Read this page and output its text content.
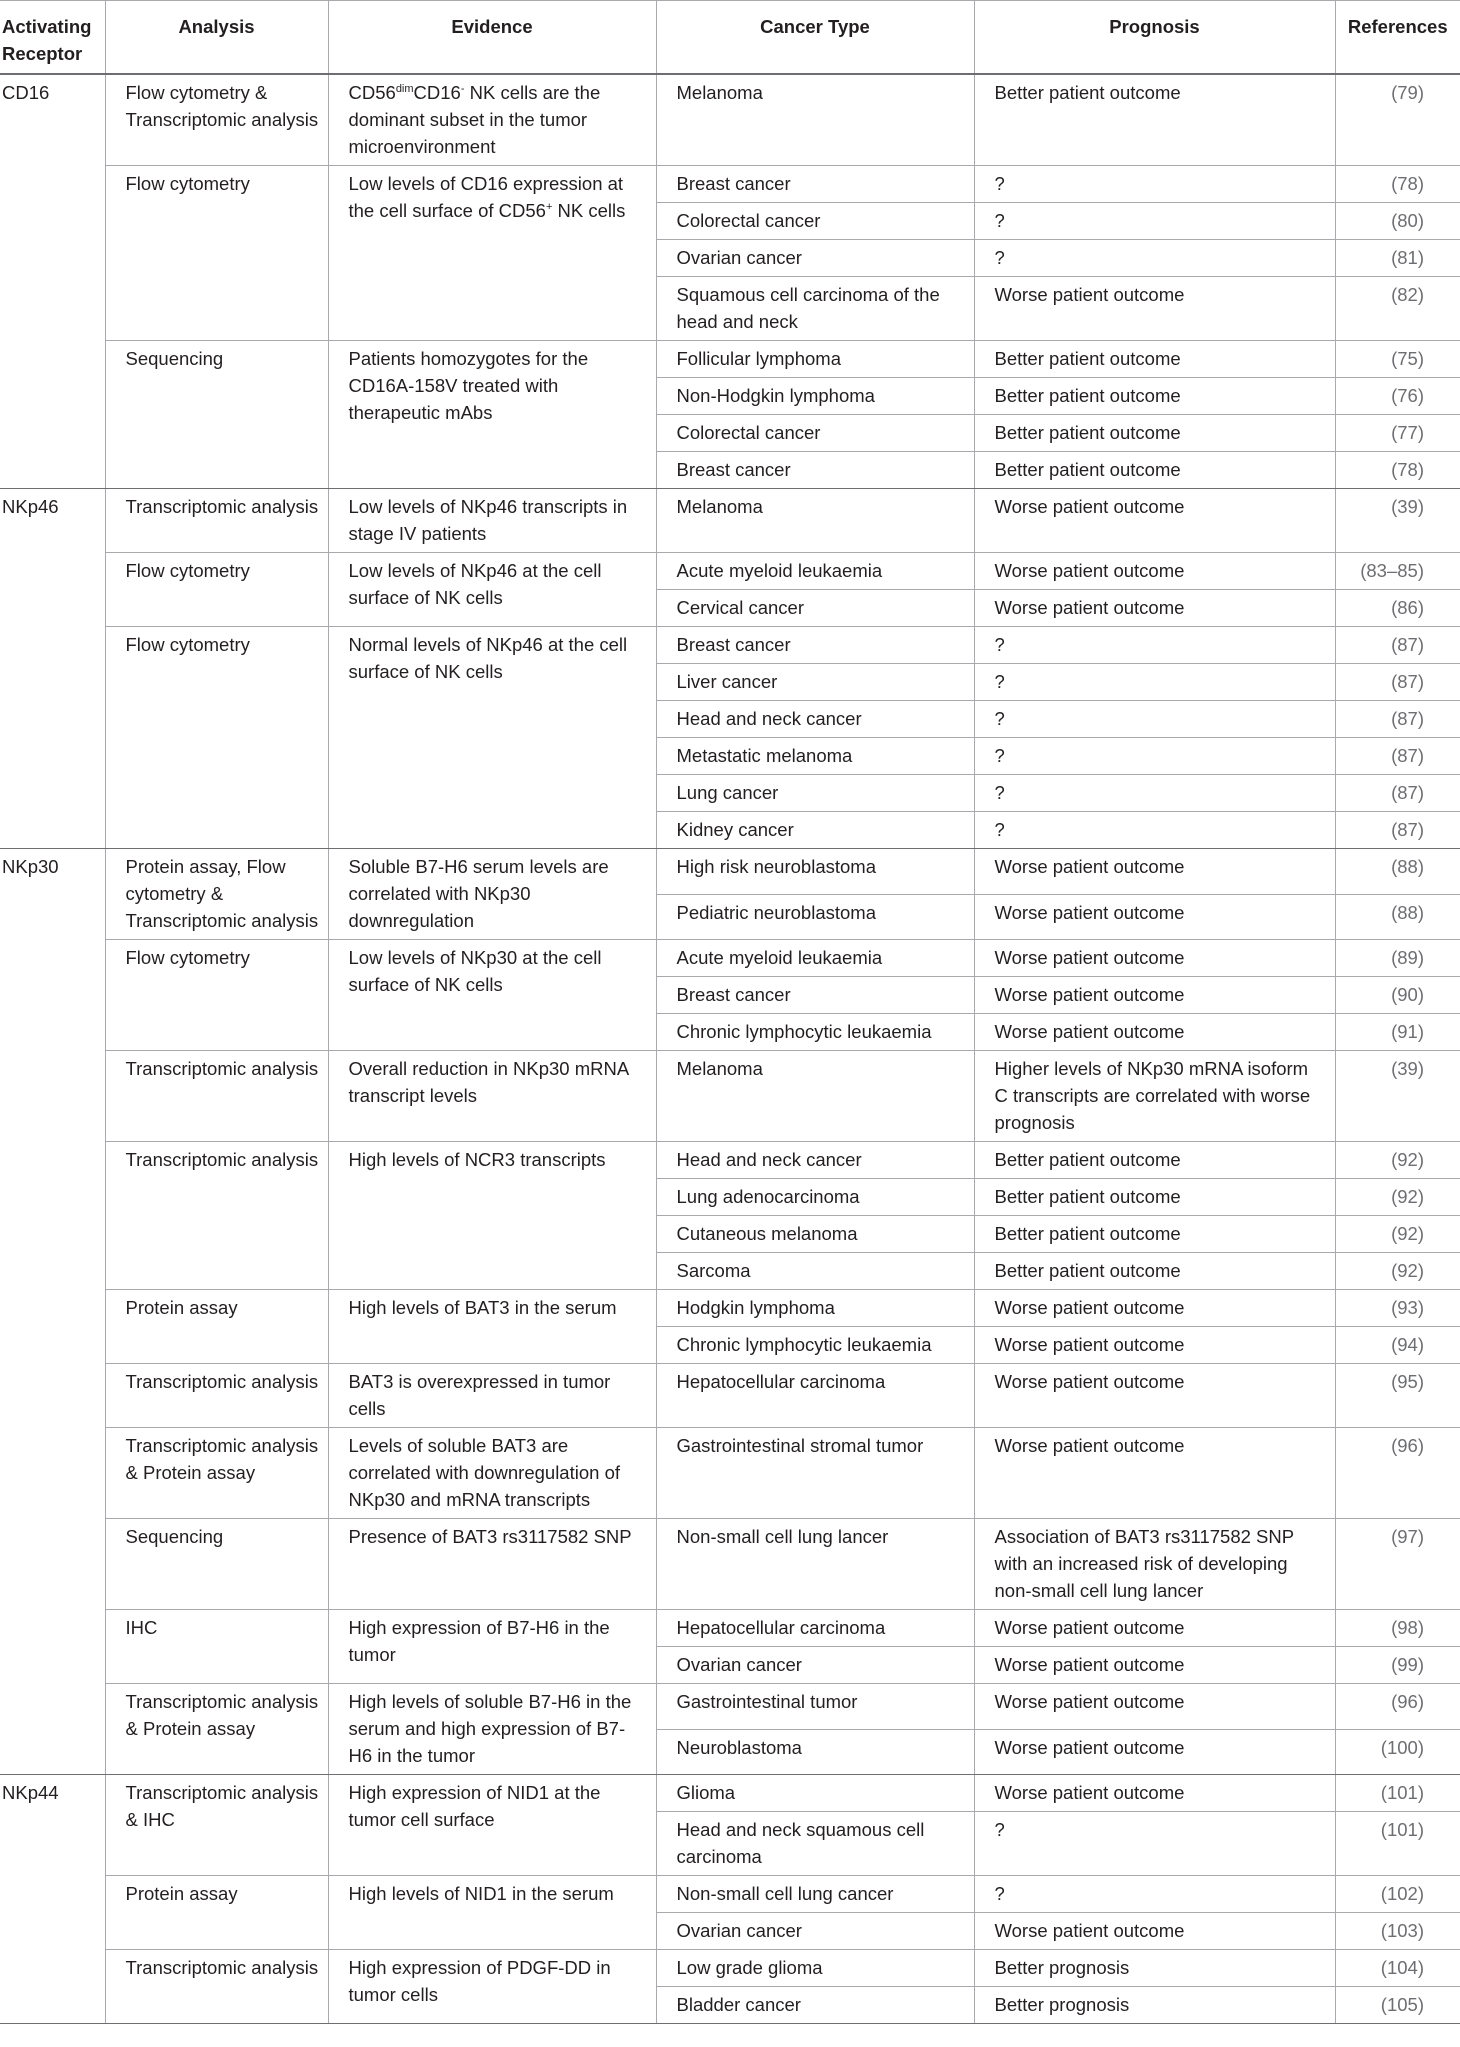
Activating Receptor	Analysis	Evidence	Cancer Type	Prognosis	References
CD16	Flow cytometry & Transcriptomic analysis	$CD56^{dim}CD16^-$ NK cells are the dominant subset in the tumor microenvironment	Melanoma	Better patient outcome	(79)
	Flow cytometry	Low levels of CD16 expression at the cell surface of CD56+ NK cells	Breast cancer	?	(78)
			Colorectal cancer	?	(80)
			Ovarian cancer	?	(81)
			Squamous cell carcinoma of the head and neck	Worse patient outcome	(82)
	Sequencing	Patients homozygotes for the CD16A-158V treated with therapeutic mAbs	Follicular lymphoma	Better patient outcome	(75)
			Non-Hodgkin lymphoma	Better patient outcome	(76)
			Colorectal cancer	Better patient outcome	(77)
			Breast cancer	Better patient outcome	(78)
NKp46	Transcriptomic analysis	Low levels of NKp46 transcripts in stage IV patients	Melanoma	Worse patient outcome	(39)
	Flow cytometry	Low levels of NKp46 at the cell surface of NK cells	Acute myeloid leukaemia	Worse patient outcome	(83–85)
			Cervical cancer	Worse patient outcome	(86)
	Flow cytometry	Normal levels of NKp46 at the cell surface of NK cells	Breast cancer	?	(87)
			Liver cancer	?	(87)
			Head and neck cancer	?	(87)
			Metastatic melanoma	?	(87)
			Lung cancer	?	(87)
			Kidney cancer	?	(87)
NKp30	Protein assay, Flow cytometry & Transcriptomic analysis	Soluble B7-H6 serum levels are correlated with NKp30 downregulation	High risk neuroblastoma	Worse patient outcome	(88)
			Pediatric neuroblastoma	Worse patient outcome	(88)
	Flow cytometry	Low levels of NKp30 at the cell surface of NK cells	Acute myeloid leukaemia	Worse patient outcome	(89)
			Breast cancer	Worse patient outcome	(90)
			Chronic lymphocytic leukaemia	Worse patient outcome	(91)
	Transcriptomic analysis	Overall reduction in NKp30 mRNA transcript levels	Melanoma	Higher levels of NKp30 mRNA isoform C transcripts are correlated with worse prognosis	(39)
	Transcriptomic analysis	High levels of NCR3 transcripts	Head and neck cancer	Better patient outcome	(92)
			Lung adenocarcinoma	Better patient outcome	(92)
			Cutaneous melanoma	Better patient outcome	(92)
			Sarcoma	Better patient outcome	(92)
	Protein assay	High levels of BAT3 in the serum	Hodgkin lymphoma	Worse patient outcome	(93)
			Chronic lymphocytic leukaemia	Worse patient outcome	(94)
	Transcriptomic analysis	BAT3 is overexpressed in tumor cells	Hepatocellular carcinoma	Worse patient outcome	(95)
	Transcriptomic analysis & Protein assay	Levels of soluble BAT3 are correlated with downregulation of NKp30 and mRNA transcripts	Gastrointestinal stromal tumor	Worse patient outcome	(96)
	Sequencing	Presence of BAT3 rs3117582 SNP	Non-small cell lung lancer	Association of BAT3 rs3117582 SNP with an increased risk of developing non-small cell lung lancer	(97)
	IHC	High expression of B7-H6 in the tumor	Hepatocellular carcinoma	Worse patient outcome	(98)
			Ovarian cancer	Worse patient outcome	(99)
	Transcriptomic analysis & Protein assay	High levels of soluble B7-H6 in the serum and high expression of B7-H6 in the tumor	Gastrointestinal tumor	Worse patient outcome	(96)
			Neuroblastoma	Worse patient outcome	(100)
NKp44	Transcriptomic analysis & IHC	High expression of NID1 at the tumor cell surface	Glioma	Worse patient outcome	(101)
			Head and neck squamous cell carcinoma	?	(101)
	Protein assay	High levels of NID1 in the serum	Non-small cell lung cancer	?	(102)
			Ovarian cancer	Worse patient outcome	(103)
	Transcriptomic analysis	High expression of PDGF-DD in tumor cells	Low grade glioma	Better prognosis	(104)
			Bladder cancer	Better prognosis	(105)
